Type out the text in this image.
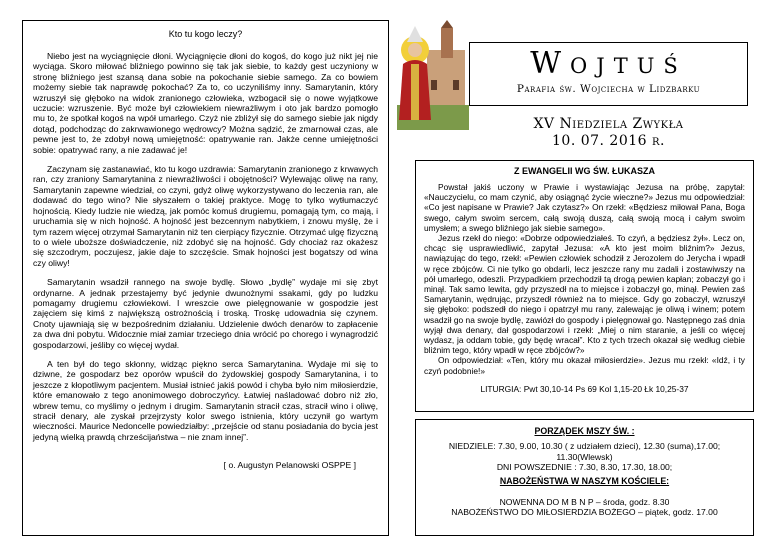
Kto tu kogo leczy?

Niebo jest na wyciągnięcie dłoni. Wyciągnięcie dłoni do kogoś, do kogo już nikt jej nie wyciąga. Skoro miłować bliźniego powinno się tak jak siebie, to każdy gest uczyniony w stronę bliźniego jest szansą dana sobie na pokochanie siebie samego. Za co bowiem możemy siebie tak naprawdę pokochać? Za to, co uczyniliśmy inny. Samarytanin, który wzruszył się głęboko na widok zranionego człowieka, wzbogacił się o nowe wyjątkowe uczucie: wzruszenie. Być może był człowiekiem niewrażliwym i oto jak bardzo pomogło mu to, że spotkał kogoś na wpół umarłego. Czyż nie zbliżył się do samego siebie jak nigdy dotąd, podchodząc do zakrwawionego wędrowcy? Można sądzić, że zmarnował czas, ale pewne jest to, że zdobył nową umiejętność: opatrywanie ran. Jakże cenne umiejętności sobie: opatrywać rany, a nie zadawać je!

Zaczynam się zastanawiać, kto tu kogo uzdrawia: Samarytanin zranionego z krwawych ran, czy zraniony Samarytanina z niewrażliwości i obojętności? Wylewając oliwę na rany, Samarytanin zapewne wiedział, co czyni, gdyż oliwę wykorzystywano do leczenia ran, ale dodawać do tego wino? Nie słyszałem o takiej praktyce. Mogę to tylko wytłumaczyć hojnością. Kiedy ludzie nie wiedzą, jak pomóc komuś drugiemu, pomagają tym, co mają, i uruchamia się w nich hojność. A hojność jest bezcennym nabytkiem, i znowu myślę, że i tym razem więcej otrzymał Samarytanin niż ten cierpiący fizycznie. Otrzymać ulgę fizyczną to o wiele uboższe doświadczenie, niż zdobyć się na hojność. Gdy chociaż raz okażesz się szczodrym, poczujesz, jakie daje to szczęście. Smak hojności jest bogatszy od wina czy oliwy!

Samarytanin wsadził rannego na swoje bydlę. Słowo „bydlę” wydaje mi się zbyt ordynarne. A jednak przestajemy być jedynie dwunożnymi ssakami, gdy po ludzku pomagamy drugiemu człowiekowi. I wreszcie owe pielęgnowanie w gospodzie jest zajęciem się kimś z największą ostrożnością i troską. Troskę udowadnia się czynem. Cnoty ujawniają się w bezpośrednim działaniu. Udzielenie dwóch denarów to zapłacenie za dwa dni pobytu. Widocznie miał zamiar trzeciego dnia wrócić po chorego i wynagrodzić gospodarzowi, jeśliby co więcej wydał.

A ten był do tego skłonny, widząc piękno serca Samarytanina. Wydaje mi się to dziwne, że gospodarz bez oporów wpuścił do żydowskiej gospody Samarytanina, i to jeszcze z kłopotliwym pacjentem. Musiał istnieć jakiś powód i chyba było nim miłosierdzie, które emanowało z tego anonimowego dobroczyńcy. Łatwiej naśladować dobro niż zło, wbrew temu, co myślimy o jednym i drugim. Samarytanin stracił czas, stracił wino i oliwę, stracił denary, ale zyskał przejrzysty kolor swego istnienia, który uczynił go wartym wieczności. Maurice Nedoncelle powiedziałby: „przejście od stanu posiadania do bycia jest jedyną wielką prawdą chrześcijaństwa – nie znam innej”.

[ o. Augustyn Pelanowski OSPPE ]
Wojtuś
Parafia św. Wojciecha w Lidzbarku
XV Niedziela Zwykła
10. 07. 2016 r.
Z EWANGELII WG ŚW. ŁUKASZA

Powstał jakiś uczony w Prawie i wystawiając Jezusa na próbę, zapytał: «Nauczycielu, co mam czynić, aby osiągnąć życie wieczne?» Jezus mu odpowiedział: «Co jest napisane w Prawie? Jak czytasz?» On rzekł: «Będziesz miłował Pana, Boga swego, całym swoim sercem, całą swoją duszą, całą swoją mocą i całym swoim umysłem; a swego bliźniego jak siebie samego».

Jezus rzekł do niego: «Dobrze odpowiedziałeś. To czyń, a będziesz żył». Lecz on, chcąc się usprawiedliwić, zapytał Jezusa: «A kto jest moim bliźnim?» Jezus, nawiązując do tego, rzekł: «Pewien człowiek schodził z Jerozolem do Jerycha i wpadł w ręce zbójców. Ci nie tylko go obdarli, lecz jeszcze rany mu zadali i zostawiwszy na pół umarłego, odeszli. Przypadkiem przechodził tą drogą pewien kapłan; zobaczył go i minął. Tak samo lewita, gdy przyszedł na to miejsce i zobaczył go, minął. Pewien zaś Samarytanin, wędrując, przyszedł również na to miejsce. Gdy go zobaczył, wzruszył się głęboko: podszedł do niego i opatrzył mu rany, zalewając je oliwą i winem; potem wsadził go na swoje bydlę, zawiózł do gospody i pielęgnował go. Następnego zaś dnia wyjął dwa denary, dał gospodarzowi i rzekł: „Miej o nim staranie, a jeśli co więcej wydasz, ja oddam tobie, gdy będę wracał”. Kto z tych trzech okazał się według ciebie bliźnim tego, który wpadł w ręce zbójców?»

On odpowiedział: «Ten, który mu okazał miłosierdzie». Jezus mu rzekł: «Idź, i ty czyń podobnie!»

LITURGIA: Pwt 30,10-14 Ps 69 Kol 1,15-20 Łk 10,25-37
PORZĄDEK MSZY ŚW. :

NIEDZIELE: 7.30, 9.00, 10.30 ( z udziałem dzieci), 12.30 (suma),17.00;

11.30(Wlewsk)

DNI POWSZEDNIE : 7.30, 8.30, 17.30, 18.00;

NABOŻEŃSTWA W NASZYM KOŚCIELE:

NOWENNA DO M B N P – środa, godz. 8.30

NABOŻEŃSTWO DO MIŁOSIERDZIA BOŻEGO – piątek, godz. 17.00
